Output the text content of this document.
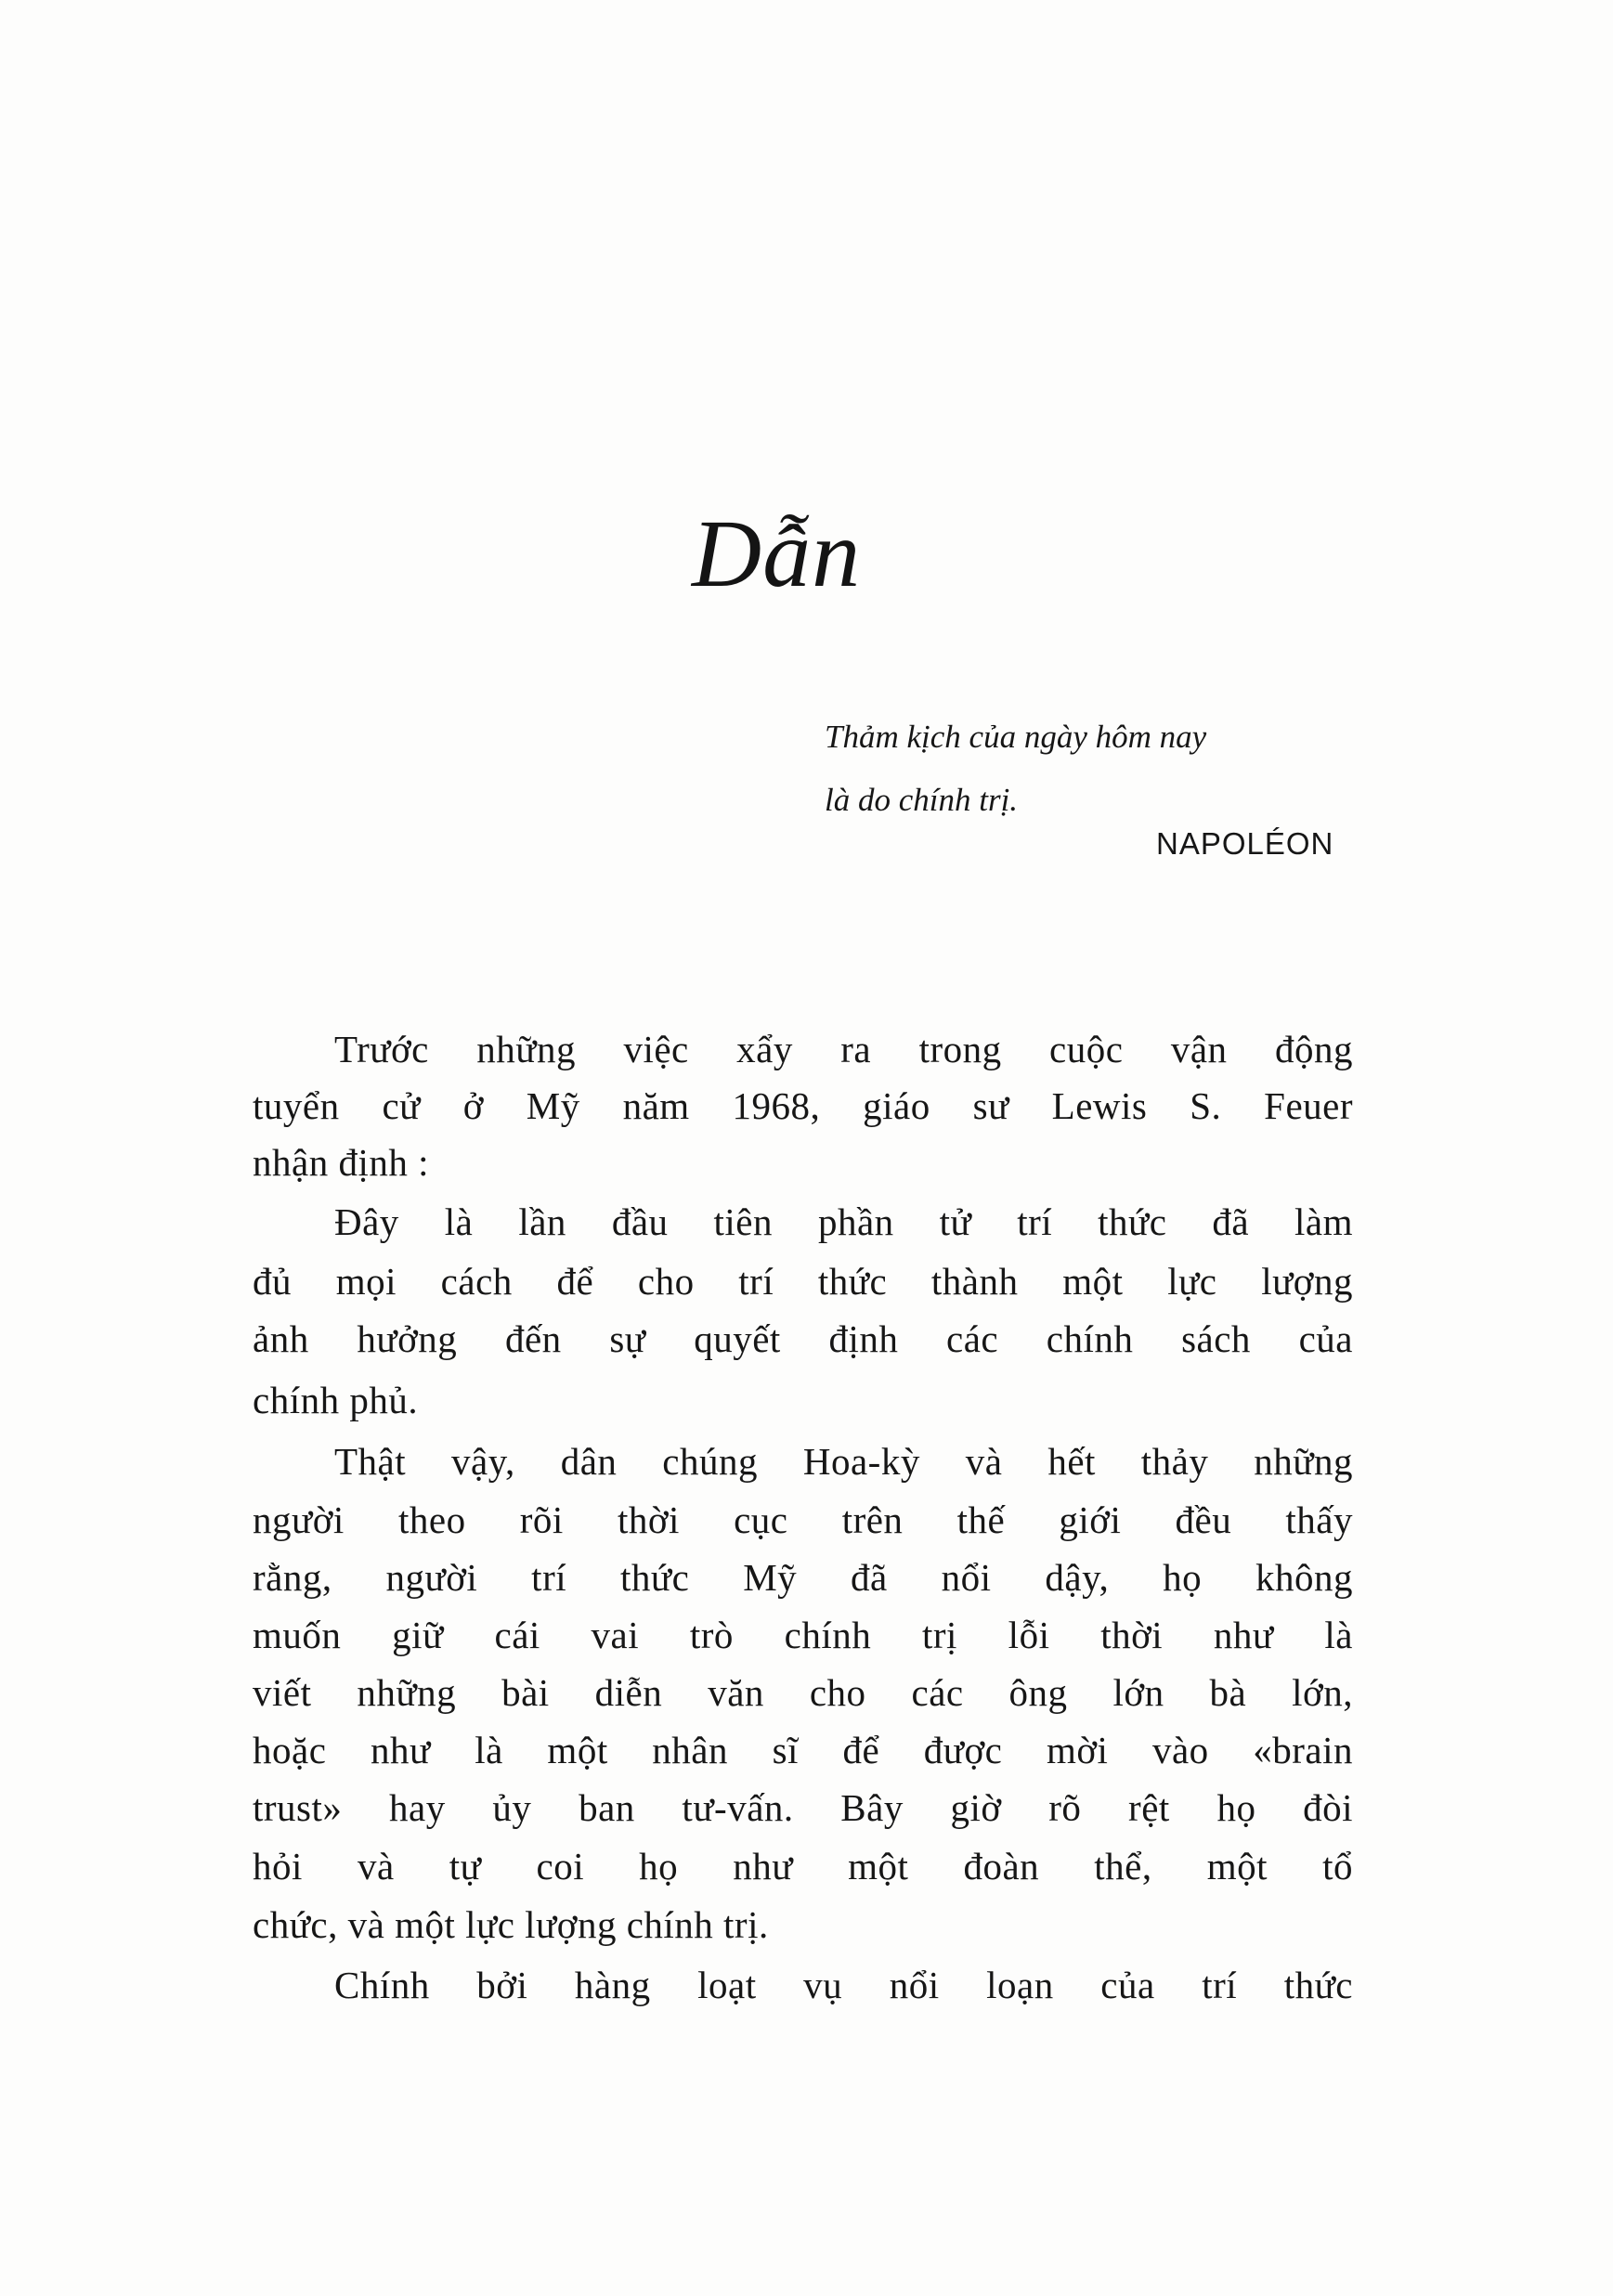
Dẫn
Thảm kịch của ngày hôm nay
là do chính trị.
NAPOLÉON
Trước những việc xẩy ra trong cuộc vận động
tuyển cử ở Mỹ năm 1968, giáo sư Lewis S. Feuer
nhận định :
Đây là lần đầu tiên phần tử trí thức đã làm
đủ mọi cách để cho trí thức thành một lực lượng
ảnh hưởng đến sự quyết định các chính sách của
chính phủ.
Thật vậy, dân chúng Hoa-kỳ và hết thảy những
người theo rõi thời cục trên thế giới đều thấy
rằng, người trí thức Mỹ đã nổi dậy, họ không
muốn giữ cái vai trò chính trị lỗi thời như là
viết những bài diễn văn cho các ông lớn bà lớn,
hoặc như là một nhân sĩ để được mời vào «brain
trust» hay ủy ban tư-vấn. Bây giờ rõ rệt họ đòi
hỏi và tự coi họ như một đoàn thể, một tổ
chức, và một lực lượng chính trị.
Chính bởi hàng loạt vụ nổi loạn của trí thức
